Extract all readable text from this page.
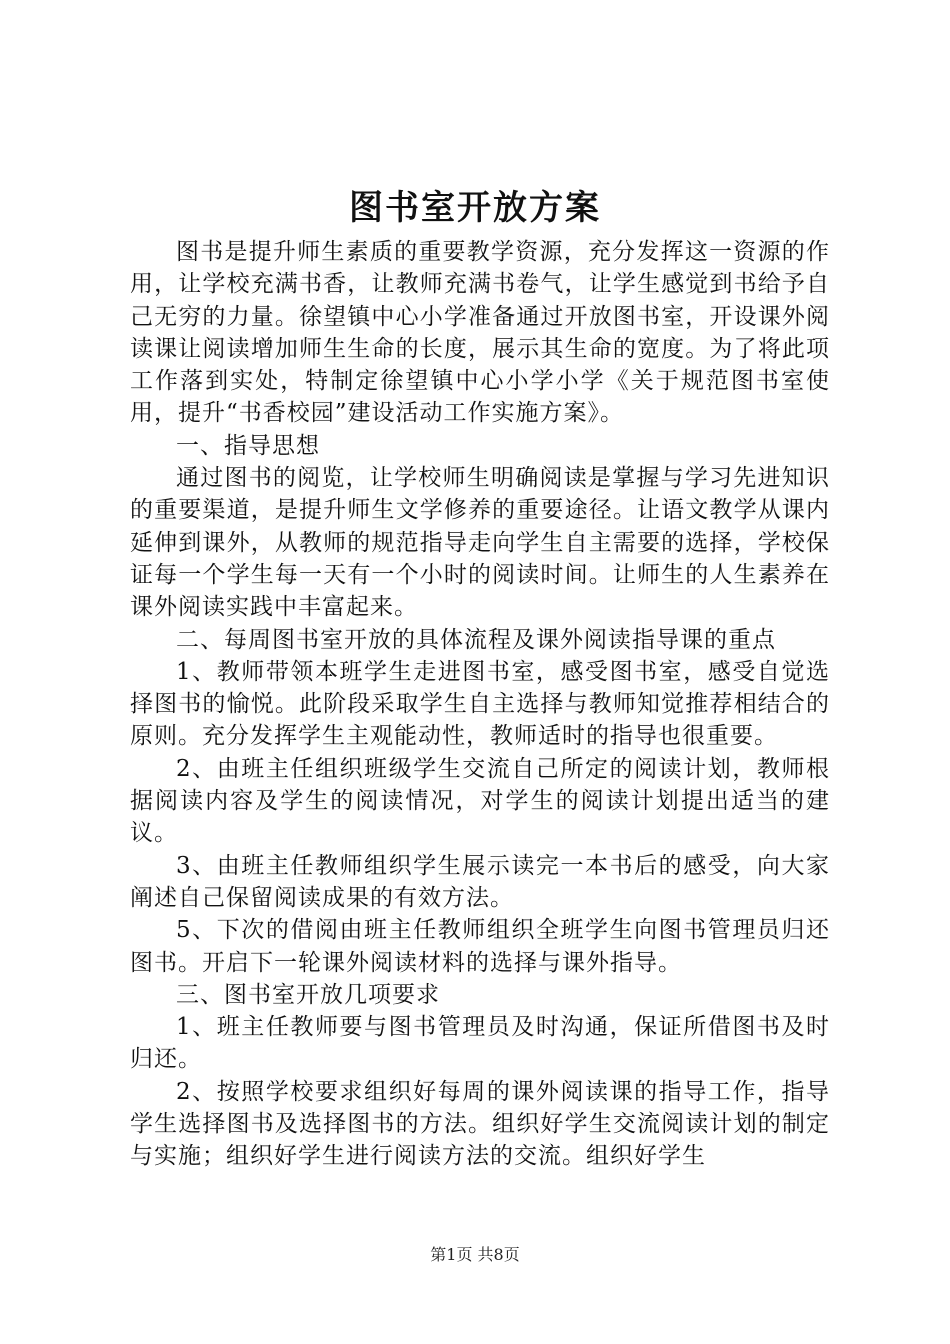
图书室开放方案

图书是提升师生素质的重要教学资源，充分发挥这一资源的作用，让学校充满书香，让教师充满书卷气，让学生感觉到书给予自己无穷的力量。徐望镇中心小学准备通过开放图书室，开设课外阅读课让阅读增加师生生命的长度，展示其生命的宽度。为了将此项工作落到实处，特制定徐望镇中心小学小学《关于规范图书室使用，提升“书香校园”建设活动工作实施方案》。

一、指导思想

通过图书的阅览，让学校师生明确阅读是掌握与学习先进知识的重要渠道，是提升师生文学修养的重要途径。让语文教学从课内延伸到课外，从教师的规范指导走向学生自主需要的选择，学校保证每一个学生每一天有一个小时的阅读时间。让师生的人生素养在课外阅读实践中丰富起来。

二、每周图书室开放的具体流程及课外阅读指导课的重点

1、教师带领本班学生走进图书室，感受图书室，感受自觉选择图书的愉悦。此阶段采取学生自主选择与教师知觉推荐相结合的原则。充分发挥学生主观能动性，教师适时的指导也很重要。

2、由班主任组织班级学生交流自己所定的阅读计划，教师根据阅读内容及学生的阅读情况，对学生的阅读计划提出适当的建议。

3、由班主任教师组织学生展示读完一本书后的感受，向大家阐述自己保留阅读成果的有效方法。

5、下次的借阅由班主任教师组织全班学生向图书管理员归还图书。开启下一轮课外阅读材料的选择与课外指导。

三、图书室开放几项要求

1、班主任教师要与图书管理员及时沟通，保证所借图书及时归还。

2、按照学校要求组织好每周的课外阅读课的指导工作，指导学生选择图书及选择图书的方法。组织好学生交流阅读计划的制定与实施；组织好学生进行阅读方法的交流。组织好学生

第1页 共8页
